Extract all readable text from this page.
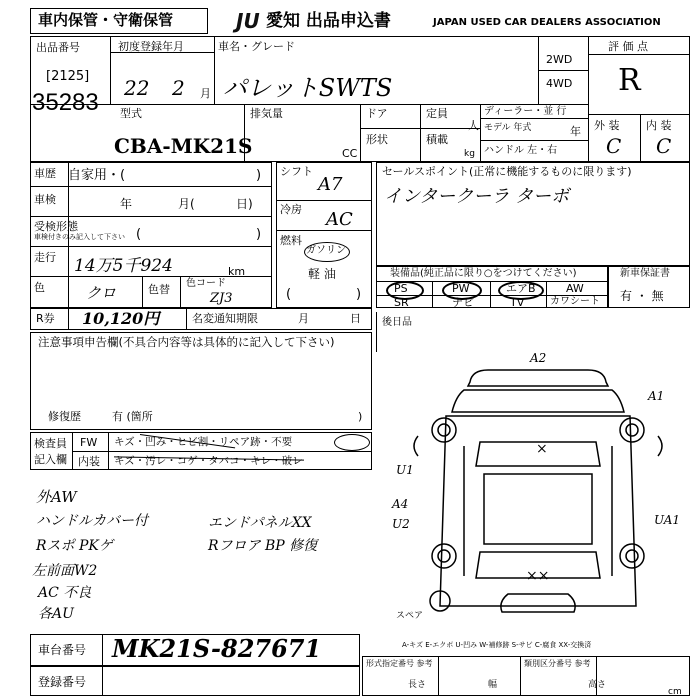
車内保管・守衛保管	JU 愛知 出品申込書	JAPAN USED CAR DEALERS ASSOCIATION
出品番号
[2125]
35283
初度登録年月
22 2 月
車名・グレード
パレットSWTS
2WD
4WD
評 価 点
R
外 装 内 装
C C
型式
CBA-MK21S
排気量
CC
ドア
形状
定員
人
積載
kg
ディーラー・並 行
モデル 年式	年
ハンドル 左・右
車歴 自家用・(	)
車検	年	月(	日)
受検形態
車検付きのみ記入して下さい (	)
走行 14万5千924	km
色	クロ	色替 色コード
ZJ3
シフト
A7
冷房 AC
燃料
ガソリン
軽 油
(	)
セールスポイント(正常に機能するものに限ります)
インタークーラ ターボ
装備品(純正品に限り○をつけてください)
PS	PW	エアB	AW
SR	ナビ	TV	カワシート
新車保証書
有 ・ 無
R券 10,120円	名変通知期限	月	日
注意事項申告欄(不具合内容等は具体的に記入して下さい)
修復歴	有 (箇所	)
後日品
検査員
記入欄
FW キズ・凹み・ヒビ割・リペア跡・不要
内装 キズ・汚レ・コゲ・タバコ・キレ・破レ
外AW
ハンドルカバー付
Rスポ PKゲ
左前面W2
AC 不良
各AU
エンドパネルXX
Rフロア BP 修復
A2
A1
U1
A4
U2	UA1
×
××
スペア
A-キズ E-エクボ U-凹み W-補修跡 S-サビ C-腐食 XX-交換済
車台番号 MK21S-827671
登録番号
形式指定番号 参考	類別区分番号 参考
長さ	幅	高さ
cm
